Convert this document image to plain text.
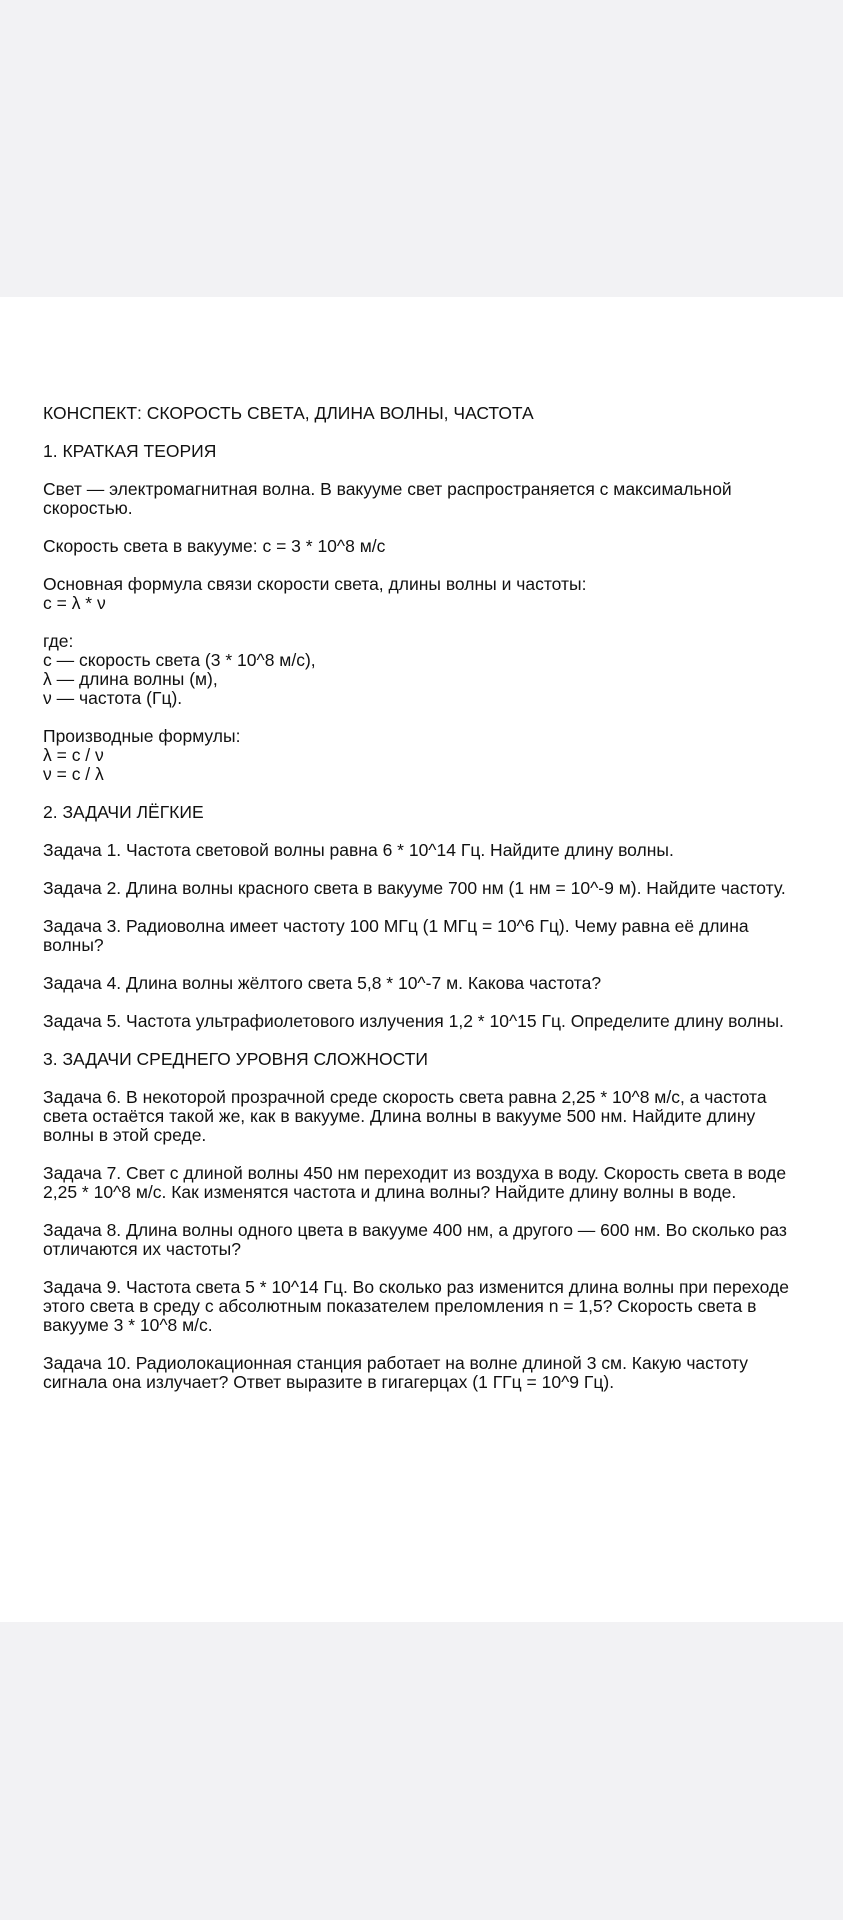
КОНСПЕКТ: СКОРОСТЬ СВЕТА, ДЛИНА ВОЛНЫ, ЧАСТОТА
1. КРАТКАЯ ТЕОРИЯ
Свет — электромагнитная волна. В вакууме свет распространяется с максимальной скоростью.
Скорость света в вакууме: c = 3 * 10^8 м/с
Основная формула связи скорости света, длины волны и частоты:
c = λ * ν
где:
c — скорость света (3 * 10^8 м/с),
λ — длина волны (м),
ν — частота (Гц).
Производные формулы:
λ = c / ν
ν = c / λ
2. ЗАДАЧИ ЛЁГКИЕ
Задача 1. Частота световой волны равна 6 * 10^14 Гц. Найдите длину волны.
Задача 2. Длина волны красного света в вакууме 700 нм (1 нм = 10^-9 м). Найдите частоту.
Задача 3. Радиоволна имеет частоту 100 МГц (1 МГц = 10^6 Гц). Чему равна её длина волны?
Задача 4. Длина волны жёлтого света 5,8 * 10^-7 м. Какова частота?
Задача 5. Частота ультрафиолетового излучения 1,2 * 10^15 Гц. Определите длину волны.
3. ЗАДАЧИ СРЕДНЕГО УРОВНЯ СЛОЖНОСТИ
Задача 6. В некоторой прозрачной среде скорость света равна 2,25 * 10^8 м/с, а частота света остаётся такой же, как в вакууме. Длина волны в вакууме 500 нм. Найдите длину волны в этой среде.
Задача 7. Свет с длиной волны 450 нм переходит из воздуха в воду. Скорость света в воде 2,25 * 10^8 м/с. Как изменятся частота и длина волны? Найдите длину волны в воде.
Задача 8. Длина волны одного цвета в вакууме 400 нм, а другого — 600 нм. Во сколько раз отличаются их частоты?
Задача 9. Частота света 5 * 10^14 Гц. Во сколько раз изменится длина волны при переходе этого света в среду с абсолютным показателем преломления n = 1,5? Скорость света в вакууме 3 * 10^8 м/с.
Задача 10. Радиолокационная станция работает на волне длиной 3 см. Какую частоту сигнала она излучает? Ответ выразите в гигагерцах (1 ГГц = 10^9 Гц).
